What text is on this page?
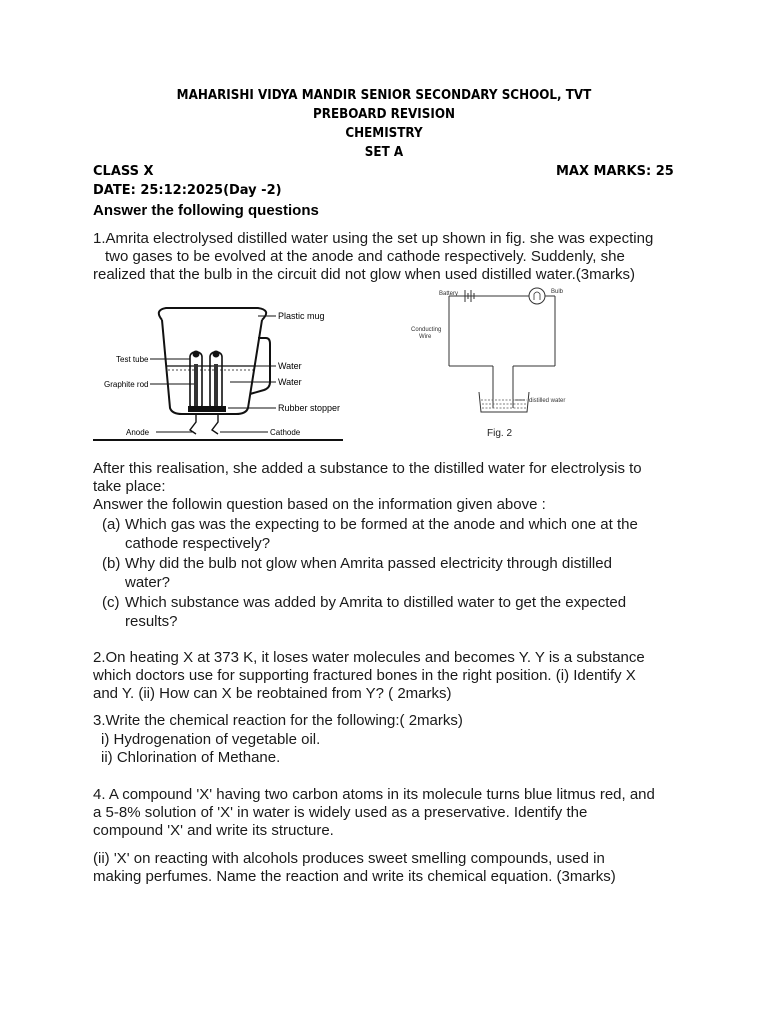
MAHARISHI VIDYA MANDIR SENIOR SECONDARY SCHOOL, TVT
PREBOARD REVISION
CHEMISTRY
SET A
CLASS X	MAX MARKS: 25
DATE: 25:12:2025(Day -2)
Answer the following questions
1.Amrita electrolysed distilled water using the set up shown in fig. she was expecting
two gases to be evolved at the anode and cathode respectively. Suddenly, she
realized that the bulb in the circuit did not glow when used distilled water.(3marks)
Plastic mug
Test tube
Graphite rod
Water
Water
Rubber stopper
Anode	Cathode
Battery	Bulb
Conducting
Wire
distilled water
Fig. 2
After this realisation, she added a substance to the distilled water for electrolysis to
take place:
Answer the followin question based on the information given above :
(a) Which gas was the expecting to be formed at the anode and which one at the
cathode respectively?
(b) Why did the bulb not glow when Amrita passed electricity through distilled
water?
(c) Which substance was added by Amrita to distilled water to get the expected
results?
2.On heating X at 373 K, it loses water molecules and becomes Y. Y is a substance
which doctors use for supporting fractured bones in the right position. (i) Identify X
and Y. (ii) How can X be reobtained from Y? ( 2marks)
3.Write the chemical reaction for the following:( 2marks)
i) Hydrogenation of vegetable oil.
ii) Chlorination of Methane.
4. A compound 'X' having two carbon atoms in its molecule turns blue litmus red, and
a 5-8% solution of 'X' in water is widely used as a preservative. Identify the
compound 'X' and write its structure.
(ii) 'X' on reacting with alcohols produces sweet smelling compounds, used in
making perfumes. Name the reaction and write its chemical equation. (3marks)
